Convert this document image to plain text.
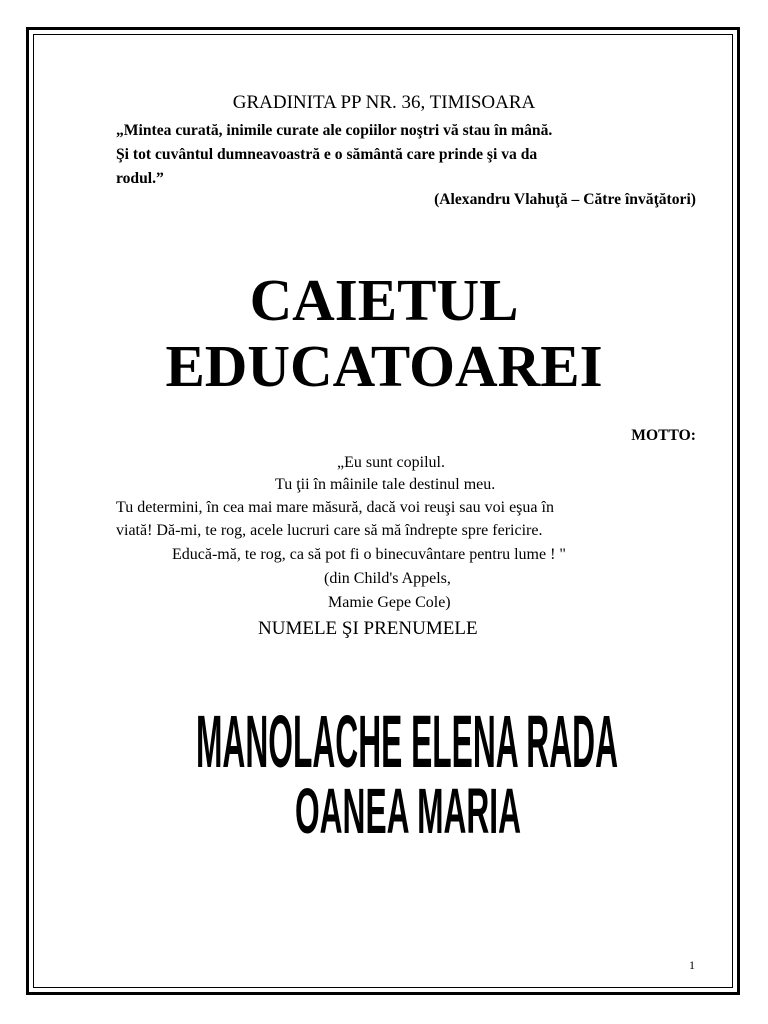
GRADINITA PP NR. 36, TIMISOARA
„Mintea curată, inimile curate ale copiilor noştri vă stau în mână.
Şi tot cuvântul dumneavoastră e o sământă care prinde şi va da
rodul.”
(Alexandru Vlahuţă – Către învăţători)
CAIETUL
EDUCATOAREI
MOTTO:
„Eu sunt copilul.
Tu ţii în mâinile tale destinul meu.
Tu determini, în cea mai mare măsură, dacă voi reuşi sau voi eşua în
viată! Dă-mi, te rog, acele lucruri care să mă îndrepte spre fericire.
Educă-mă, te rog, ca să pot fi o binecuvântare pentru lume ! "
(din Child's Appels,
Mamie Gepe Cole)
NUMELE ŞI PRENUMELE
MANOLACHE ELENA RADA
OANEA MARIA
1
